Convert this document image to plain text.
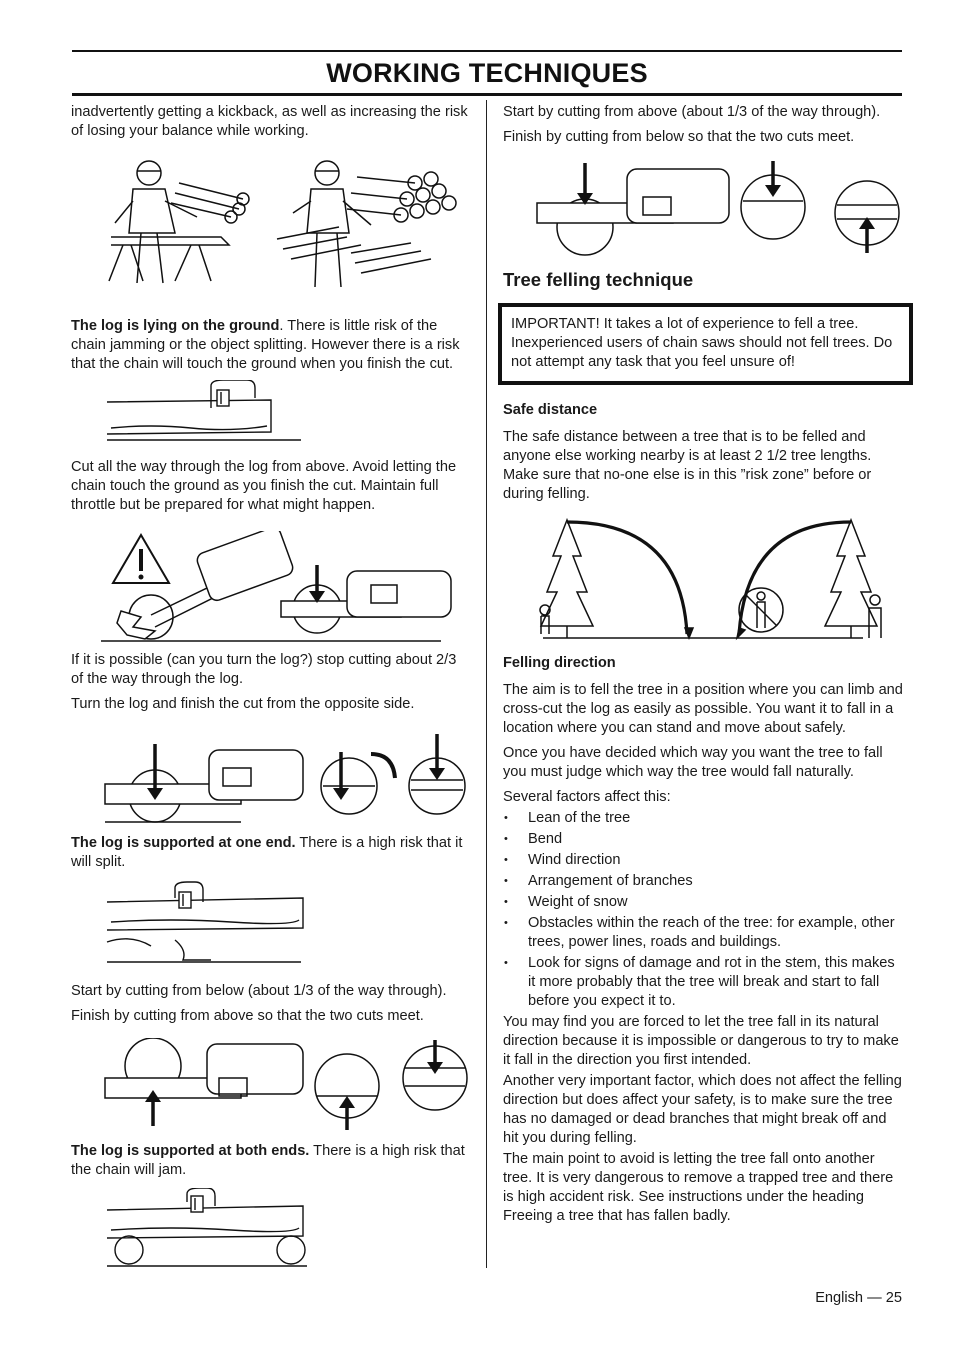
WORKING TECHNIQUES

inadvertently getting a kickback, as well as increasing the risk of losing your balance while working.

The log is lying on the ground. There is little risk of the chain jamming or the object splitting. However there is a risk that the chain will touch the ground when you finish the cut.

Cut all the way through the log from above. Avoid letting the chain touch the ground as you finish the cut. Maintain full throttle but be prepared for what might happen.

If it is possible (can you turn the log?) stop cutting about 2/3 of the way through the log.

Turn the log and finish the cut from the opposite side.

The log is supported at one end. There is a high risk that it will split.

Start by cutting from below (about 1/3 of the way through).

Finish by cutting from above so that the two cuts meet.

The log is supported at both ends. There is a high risk that the chain will jam.

Start by cutting from above (about 1/3 of the way through).

Finish by cutting from below so that the two cuts meet.

Tree felling technique
IMPORTANT! It takes a lot of experience to fell a tree. Inexperienced users of chain saws should not fell trees. Do not attempt any task that you feel unsure of!
Safe distance

The safe distance between a tree that is to be felled and anyone else working nearby is at least 2 1/2 tree lengths. Make sure that no-one else is in this ”risk zone” before or during felling.

Felling direction

The aim is to fell the tree in a position where you can limb and cross-cut the log as easily as possible. You want it to fall in a location where you can stand and move about safely.

Once you have decided which way you want the tree to fall you must judge which way the tree would fall naturally.

Several factors affect this:

• Lean of the tree
• Bend
• Wind direction
• Arrangement of branches
• Weight of snow
• Obstacles within the reach of the tree: for example, other trees, power lines, roads and buildings.
• Look for signs of damage and rot in the stem, this makes it more probably that the tree will break and start to fall before you expect it to.

You may find you are forced to let the tree fall in its natural direction because it is impossible or dangerous to try to make it fall in the direction you first intended.

Another very important factor, which does not affect the felling direction but does affect your safety, is to make sure the tree has no damaged or dead branches that might break off and hit you during felling.

The main point to avoid is letting the tree fall onto another tree. It is very dangerous to remove a trapped tree and there is high accident risk. See instructions under the heading Freeing a tree that has fallen badly.

English — 25
